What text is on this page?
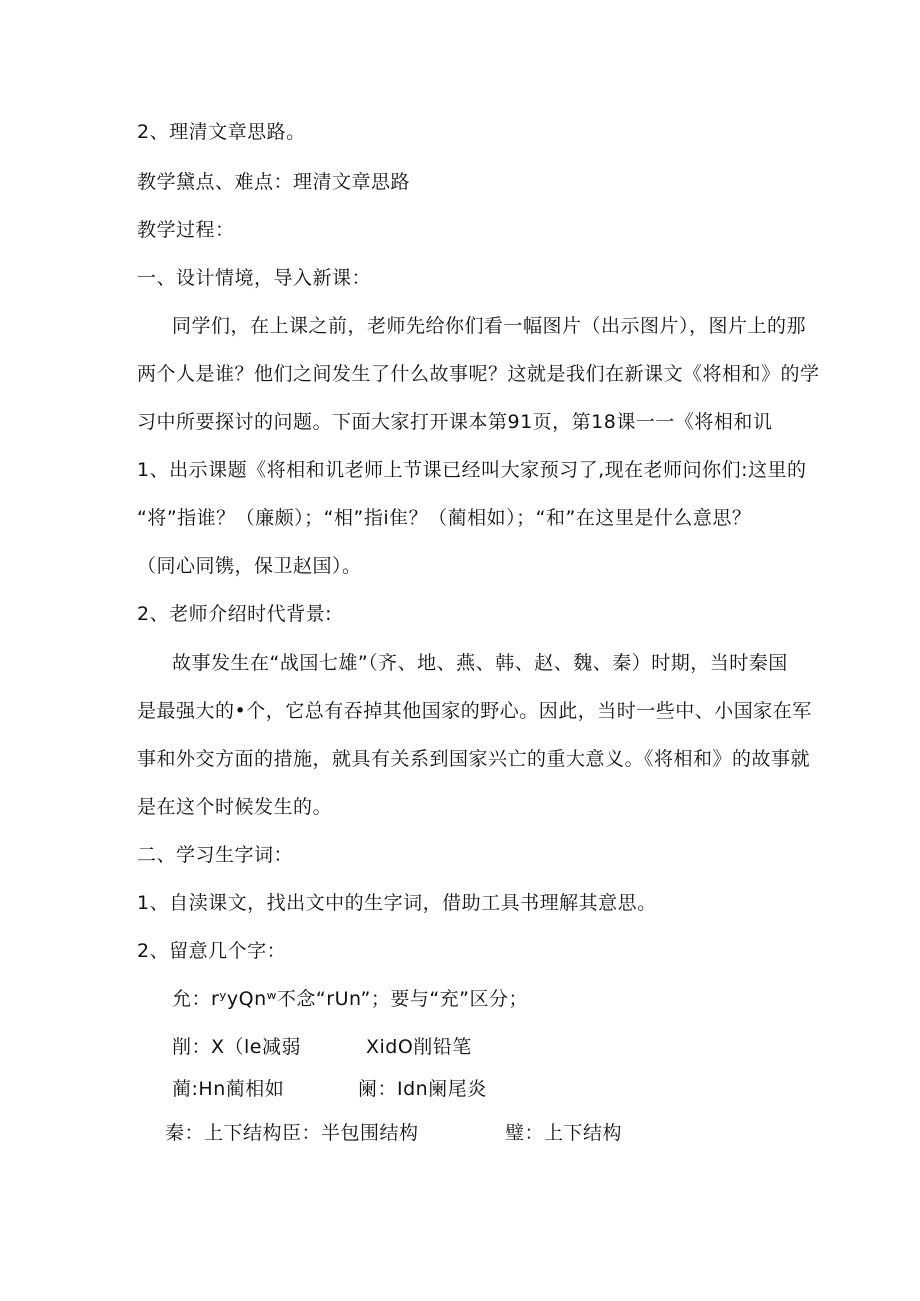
2、理清文章思路。
教学黛点、难点：理清文章思路
教学过程：
一、设计情境，导入新课：
同学们，在上课之前，老师先给你们看一幅图片（出示图片），图片上的那
两个人是谁？他们之间发生了什么故事呢？这就是我们在新课文《将相和》的学
习中所要探讨的问题。下面大家打开课本第91页，第18课一一《将相和讥
1、出示课题《将相和讥老师上节课已经叫大家预习了,现在老师问你们:这里的
“将”指谁？（廉颇）；“相”指i隹？（蔺相如）；“和”在这里是什么意思？
（同心同镌，保卫赵国）。
2、老师介绍时代背景:
故事发生在“战国七雄”（齐、地、燕、韩、赵、魏、秦）时期，当时秦国
是最强大的•个，它总有吞掉其他国家的野心。因此，当时一些中、小国家在军
事和外交方面的措施，就具有关系到国家兴亡的重大意义。《将相和》的故事就
是在这个时候发生的。
二、学习生字词：
1、自渎课文，找出文中的生字词，借助工具书理解其意思。
2、留意几个字：
允：rʸyQnʷ不念“rUn”；要与“充”区分；
削：X（le减弱	XidO削铅笔
蔺:Hn蔺相如	阑：Idn阑尾炎
秦：上下结构臣：半包围结构	璧：上下结构
